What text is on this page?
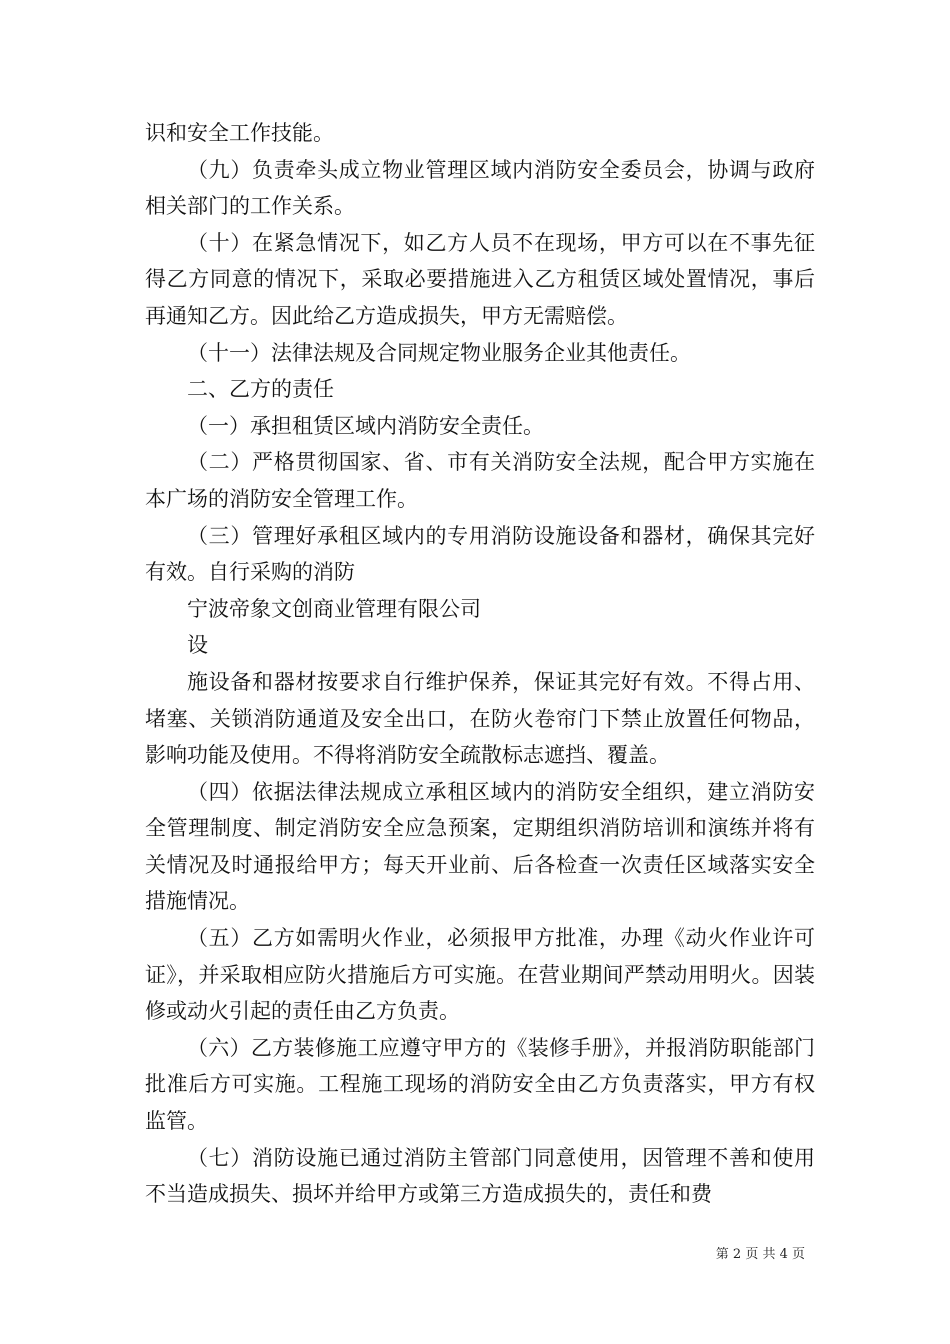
识和安全工作技能。

（九）负责牵头成立物业管理区域内消防安全委员会，协调与政府相关部门的工作关系。

（十）在紧急情况下，如乙方人员不在现场，甲方可以在不事先征得乙方同意的情况下，采取必要措施进入乙方租赁区域处置情况，事后再通知乙方。因此给乙方造成损失，甲方无需赔偿。

（十一）法律法规及合同规定物业服务企业其他责任。

二、乙方的责任

（一）承担租赁区域内消防安全责任。

（二）严格贯彻国家、省、市有关消防安全法规，配合甲方实施在本广场的消防安全管理工作。

（三）管理好承租区域内的专用消防设施设备和器材，确保其完好有效。自行采购的消防

宁波帝象文创商业管理有限公司

设

施设备和器材按要求自行维护保养，保证其完好有效。不得占用、堵塞、关锁消防通道及安全出口，在防火卷帘门下禁止放置任何物品，影响功能及使用。不得将消防安全疏散标志遮挡、覆盖。

（四）依据法律法规成立承租区域内的消防安全组织，建立消防安全管理制度、制定消防安全应急预案，定期组织消防培训和演练并将有关情况及时通报给甲方；每天开业前、后各检查一次责任区域落实安全措施情况。

（五）乙方如需明火作业，必须报甲方批准，办理《动火作业许可证》，并采取相应防火措施后方可实施。在营业期间严禁动用明火。因装修或动火引起的责任由乙方负责。

（六）乙方装修施工应遵守甲方的《装修手册》，并报消防职能部门批准后方可实施。工程施工现场的消防安全由乙方负责落实，甲方有权监管。

（七）消防设施已通过消防主管部门同意使用，因管理不善和使用不当造成损失、损坏并给甲方或第三方造成损失的，责任和费

第 2 页 共 4 页
